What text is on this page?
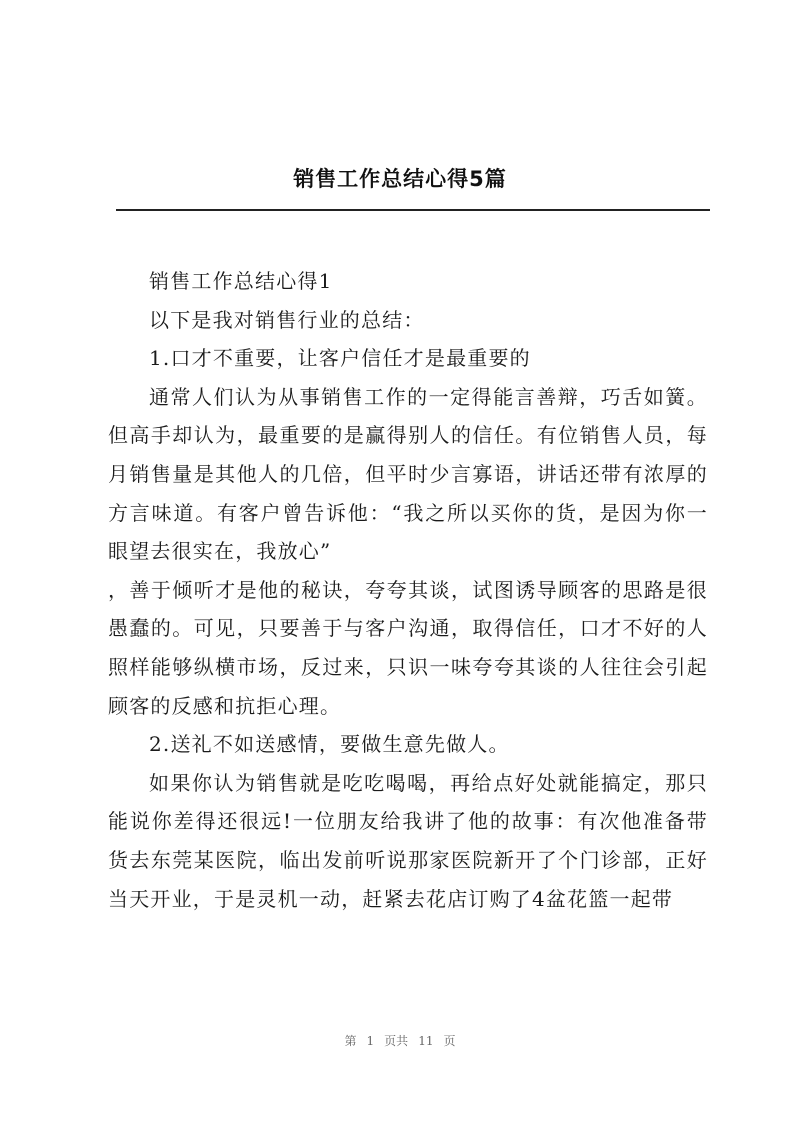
销售工作总结心得5篇

销售工作总结心得1

以下是我对销售行业的总结：

1.口才不重要，让客户信任才是最重要的

通常人们认为从事销售工作的一定得能言善辩，巧舌如簧。但高手却认为，最重要的是赢得别人的信任。有位销售人员，每月销售量是其他人的几倍，但平时少言寡语，讲话还带有浓厚的方言味道。有客户曾告诉他：“我之所以买你的货，是因为你一眼望去很实在，我放心”

，善于倾听才是他的秘诀，夸夸其谈，试图诱导顾客的思路是很愚蠢的。可见，只要善于与客户沟通，取得信任，口才不好的人照样能够纵横市场，反过来，只识一味夸夸其谈的人往往会引起顾客的反感和抗拒心理。

2.送礼不如送感情，要做生意先做人。

如果你认为销售就是吃吃喝喝，再给点好处就能搞定，那只能说你差得还很远!一位朋友给我讲了他的故事：有次他准备带货去东莞某医院，临出发前听说那家医院新开了个门诊部，正好当天开业，于是灵机一动，赶紧去花店订购了4盆花篮一起带

第 1 页共 11 页
